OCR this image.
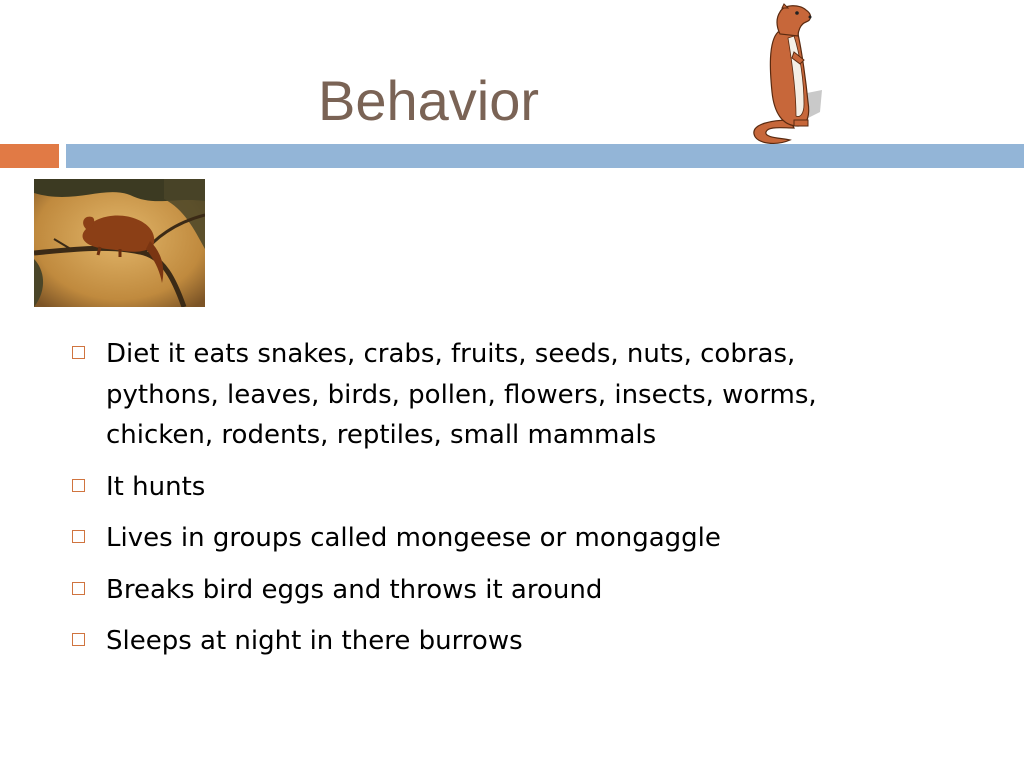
Behavior
Diet it eats snakes, crabs, fruits, seeds, nuts, cobras, pythons, leaves, birds, pollen, flowers, insects, worms, chicken, rodents, reptiles, small mammals
It hunts
Lives in groups called mongeese or mongaggle
Breaks bird eggs and throws it around
Sleeps at night in there burrows
